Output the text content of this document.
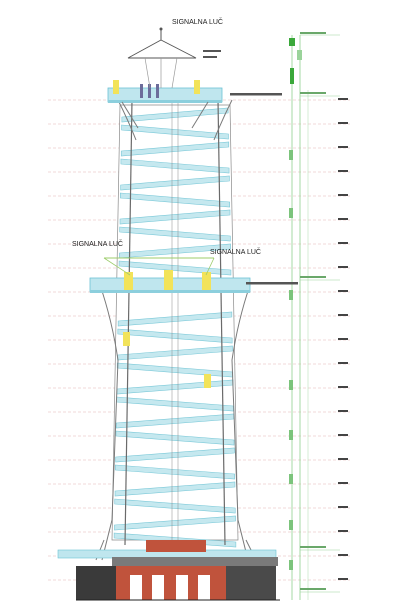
SIGNALNA LUČ
SIGNALNA LUČ
SIGNALNA LUČ
